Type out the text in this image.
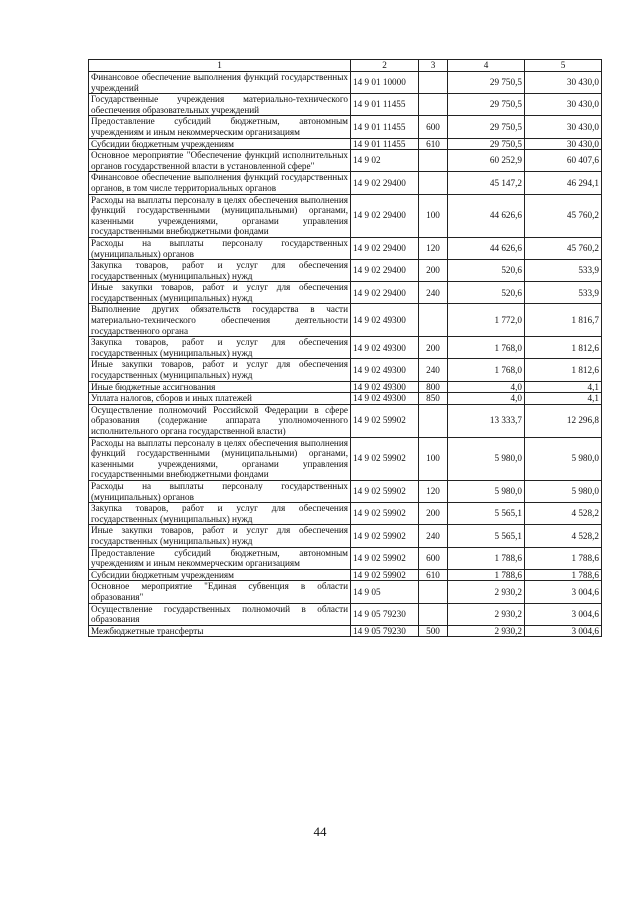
1	2	3	4	5
Финансовое обеспечение выполнения функций государственных учреждений	14 9 01 10000		29 750,5	30 430,0
Государственные учреждения материально-технического обеспечения образовательных учреждений	14 9 01 11455		29 750,5	30 430,0
Предоставление субсидий бюджетным, автономным учреждениям и иным некоммерческим организациям	14 9 01 11455	600	29 750,5	30 430,0
Субсидии бюджетным учреждениям	14 9 01 11455	610	29 750,5	30 430,0
Основное мероприятие "Обеспечение функций исполнительных органов государственной власти в установленной сфере"	14 9 02		60 252,9	60 407,6
Финансовое обеспечение выполнения функций государственных органов, в том числе территориальных органов	14 9 02 29400		45 147,2	46 294,1
Расходы на выплаты персоналу в целях обеспечения выполнения функций государственными (муниципальными) органами, казенными учреждениями, органами управления государственными внебюджетными фондами	14 9 02 29400	100	44 626,6	45 760,2
Расходы на выплаты персоналу государственных (муниципальных) органов	14 9 02 29400	120	44 626,6	45 760,2
Закупка товаров, работ и услуг для обеспечения государственных (муниципальных) нужд	14 9 02 29400	200	520,6	533,9
Иные закупки товаров, работ и услуг для обеспечения государственных (муниципальных) нужд	14 9 02 29400	240	520,6	533,9
Выполнение других обязательств государства в части материально-технического обеспечения деятельности государственного органа	14 9 02 49300		1 772,0	1 816,7
Закупка товаров, работ и услуг для обеспечения государственных (муниципальных) нужд	14 9 02 49300	200	1 768,0	1 812,6
Иные закупки товаров, работ и услуг для обеспечения государственных (муниципальных) нужд	14 9 02 49300	240	1 768,0	1 812,6
Иные бюджетные ассигнования	14 9 02 49300	800	4,0	4,1
Уплата налогов, сборов и иных платежей	14 9 02 49300	850	4,0	4,1
Осуществление полномочий Российской Федерации в сфере образования (содержание аппарата уполномоченного исполнительного органа государственной власти)	14 9 02 59902		13 333,7	12 296,8
Расходы на выплаты персоналу в целях обеспечения выполнения функций государственными (муниципальными) органами, казенными учреждениями, органами управления государственными внебюджетными фондами	14 9 02 59902	100	5 980,0	5 980,0
Расходы на выплаты персоналу государственных (муниципальных) органов	14 9 02 59902	120	5 980,0	5 980,0
Закупка товаров, работ и услуг для обеспечения государственных (муниципальных) нужд	14 9 02 59902	200	5 565,1	4 528,2
Иные закупки товаров, работ и услуг для обеспечения государственных (муниципальных) нужд	14 9 02 59902	240	5 565,1	4 528,2
Предоставление субсидий бюджетным, автономным учреждениям и иным некоммерческим организациям	14 9 02 59902	600	1 788,6	1 788,6
Субсидии бюджетным учреждениям	14 9 02 59902	610	1 788,6	1 788,6
Основное мероприятие "Единая субвенция в области образования"	14 9 05		2 930,2	3 004,6
Осуществление государственных полномочий в области образования	14 9 05 79230		2 930,2	3 004,6
Межбюджетные трансферты	14 9 05 79230	500	2 930,2	3 004,6
44
